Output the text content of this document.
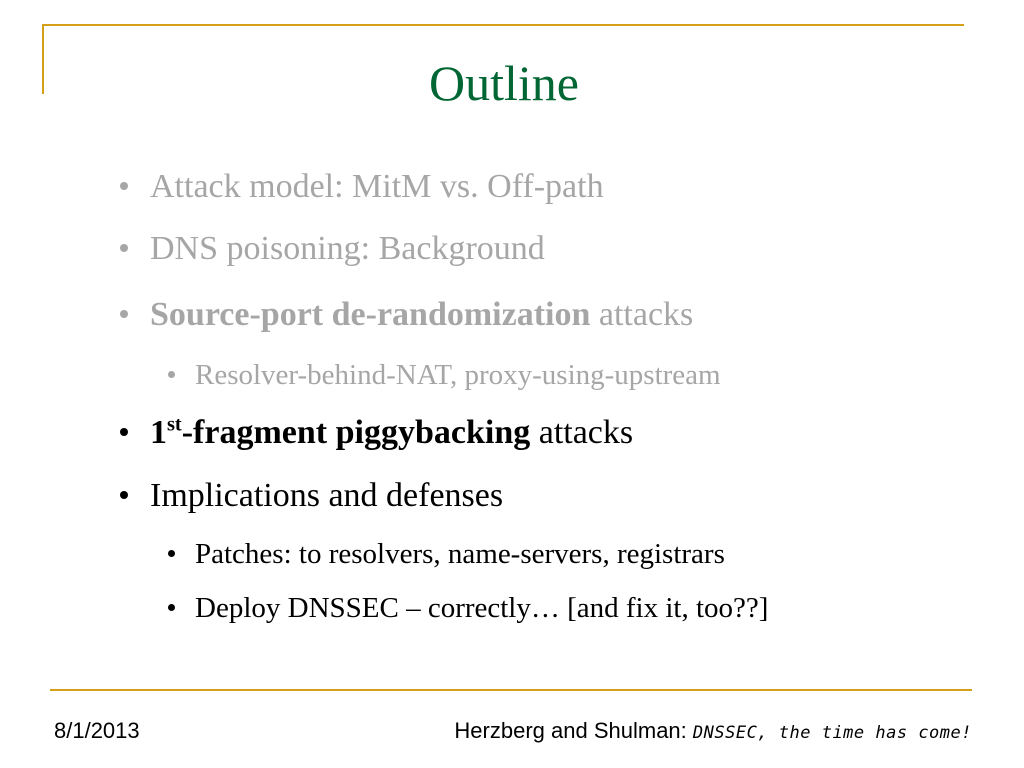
Outline
Attack model: MitM vs. Off-path
DNS poisoning: Background
Source-port de-randomization attacks
Resolver-behind-NAT, proxy-using-upstream
1st-fragment piggybacking attacks
Implications and defenses
Patches: to resolvers, name-servers, registrars
Deploy DNSSEC – correctly… [and fix it, too??]
8/1/2013	Herzberg and Shulman: DNSSEC, the time has come!
